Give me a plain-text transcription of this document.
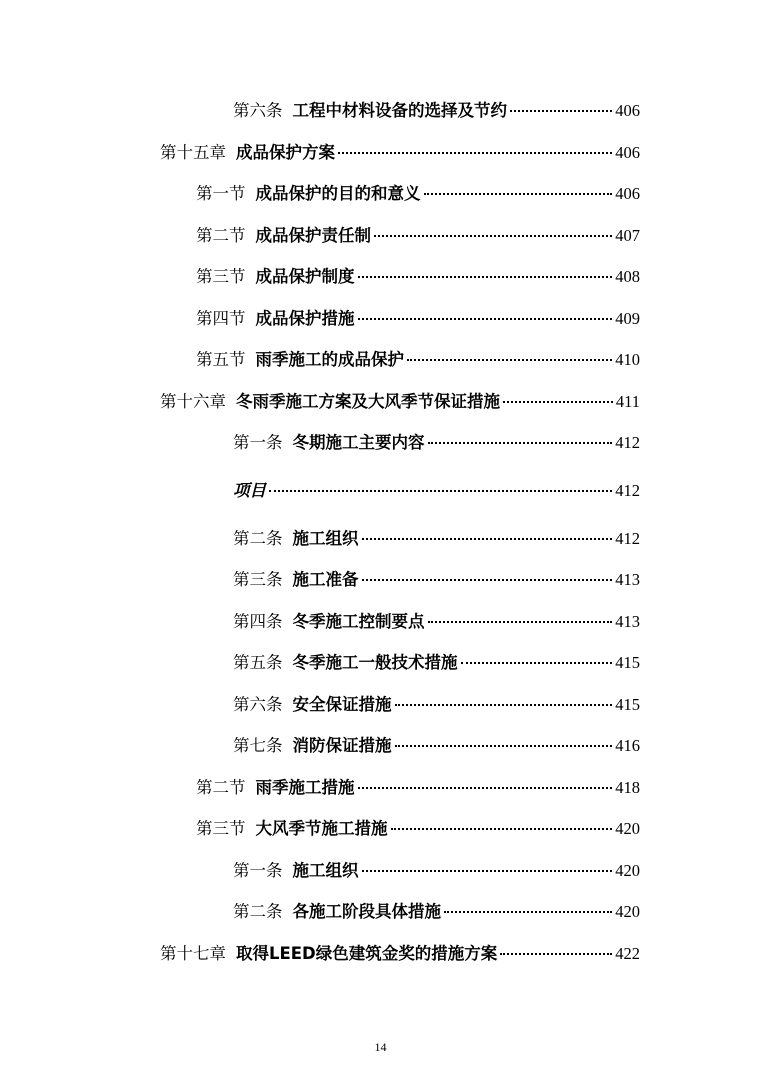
第六条 工程中材料设备的选择及节约	406
第十五章 成品保护方案	406
第一节 成品保护的目的和意义	406
第二节 成品保护责任制	407
第三节 成品保护制度	408
第四节 成品保护措施	409
第五节 雨季施工的成品保护	410
第十六章 冬雨季施工方案及大风季节保证措施	411
第一条 冬期施工主要内容	412
项目	412
第二条 施工组织	412
第三条 施工准备	413
第四条 冬季施工控制要点	413
第五条 冬季施工一般技术措施	415
第六条 安全保证措施	415
第七条 消防保证措施	416
第二节 雨季施工措施	418
第三节 大风季节施工措施	420
第一条 施工组织	420
第二条 各施工阶段具体措施	420
第十七章 取得LEED绿色建筑金奖的措施方案	422
14
